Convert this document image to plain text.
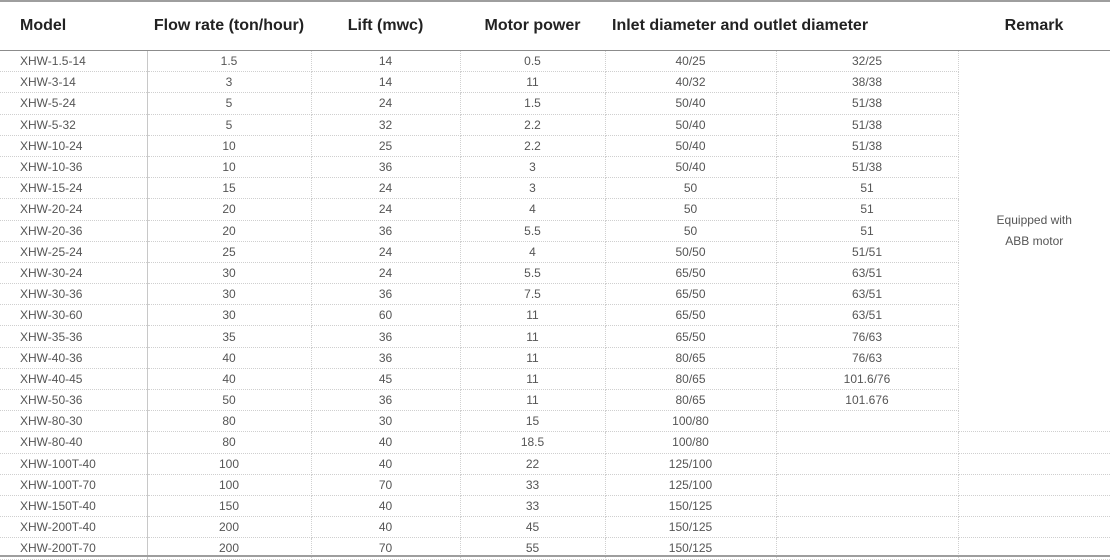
Model	Flow rate (ton/hour)	Lift (mwc)	Motor power	Inlet diameter and outlet diameter		Remark
XHW-1.5-14	1.5	14	0.5	40/25	32/25	Equipped with
ABB motor

XHW-3-14	3	14	11	40/32	38/38	
XHW-5-24	5	24	1.5	50/40	51/38	
XHW-5-32	5	32	2.2	50/40	51/38	
XHW-10-24	10	25	2.2	50/40	51/38	
XHW-10-36	10	36	3	50/40	51/38	
XHW-15-24	15	24	3	50	51	
XHW-20-24	20	24	4	50	51	
XHW-20-36	20	36	5.5	50	51	
XHW-25-24	25	24	4	50/50	51/51	
XHW-30-24	30	24	5.5	65/50	63/51	
XHW-30-36	30	36	7.5	65/50	63/51	
XHW-30-60	30	60	11	65/50	63/51	
XHW-35-36	35	36	11	65/50	76/63	
XHW-40-36	40	36	11	80/65	76/63	
XHW-40-45	40	45	11	80/65	101.6/76	
XHW-50-36	50	36	11	80/65	101.676	
XHW-80-30	80	30	15	100/80		
XHW-80-40	80	40	18.5	100/80		
XHW-100T-40	100	40	22	125/100		
XHW-100T-70	100	70	33	125/100		
XHW-150T-40	150	40	33	150/125		
XHW-200T-40	200	40	45	150/125		
XHW-200T-70	200	70	55	150/125		
